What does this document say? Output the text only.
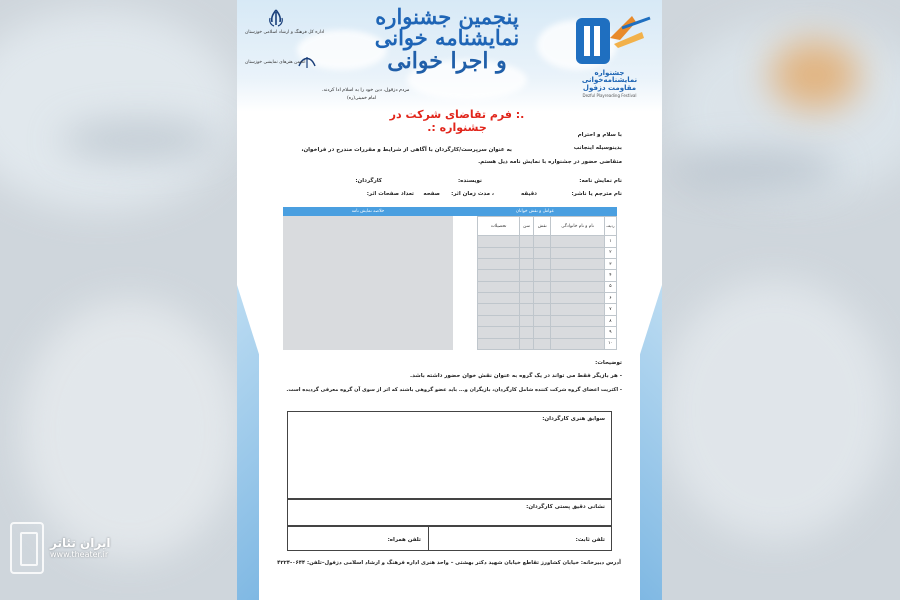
ایران تئاتر
www.theater.ir
اداره کل فرهنگ و ارشاد اسلامی خوزستان
انجمن هنرهای نمایشی خوزستان
پنجمین جشنواره نمایشنامه خوانی
و اجرا خوانی
مردم دزفول، دین خود را به اسلام ادا کردند.
امام خمینی(ره)
جشنواره نمایشنامه‌خوانی
مقاومت دزفول
Dezful Playreading Festival
.: فرم تقاضای شرکت در جشنواره :.
با سلام و احترام
بدینوسیله اینجانب
به عنوان سرپرست/کارگردان با آگاهی از شرایط و مقررات مندرج در فراخوان،
متقاضی حضور در جشنواره با نمایش نامه ذیل هستم.
نام نمایش نامه:
نویسنده:
کارگردان:
نام مترجم یا ناشر:
تعداد صفحات اثر: صفحه ، مدت زمان اثر:	دقیقه
خلاصه نمایش نامه	عوامل و نقش خوانان
ردیف	نام و نام خانوادگی	نقش	سن	تحصیلات	
۱					
۲					
۳					
۴					
۵					
۶					
۷					
۸					
۹					
۱۰					
توضیحات:
- هر بازیگر فقط می تواند در یک گروه به عنوان نقش خوان حضور داشته باشد.
- اکثریت اعضای گروه شرکت کننده شامل کارگردان، بازیگران و... باید عضو گروهی باشند که اثر از سوی آن گروه معرفی گردیده است.
سوابق هنری کارگردان:
نشانی دقیق پستی کارگردان:
تلفن ثابت:
تلفن همراه:
آدرس دبیرخانه: خیابان کشاورز تقاطع خیابان شهید دکتر بهشتی – واحد هنری اداره فرهنگ و ارشاد اسلامی دزفول–تلفن: ۰۶۴۴-۴۲۲۴
